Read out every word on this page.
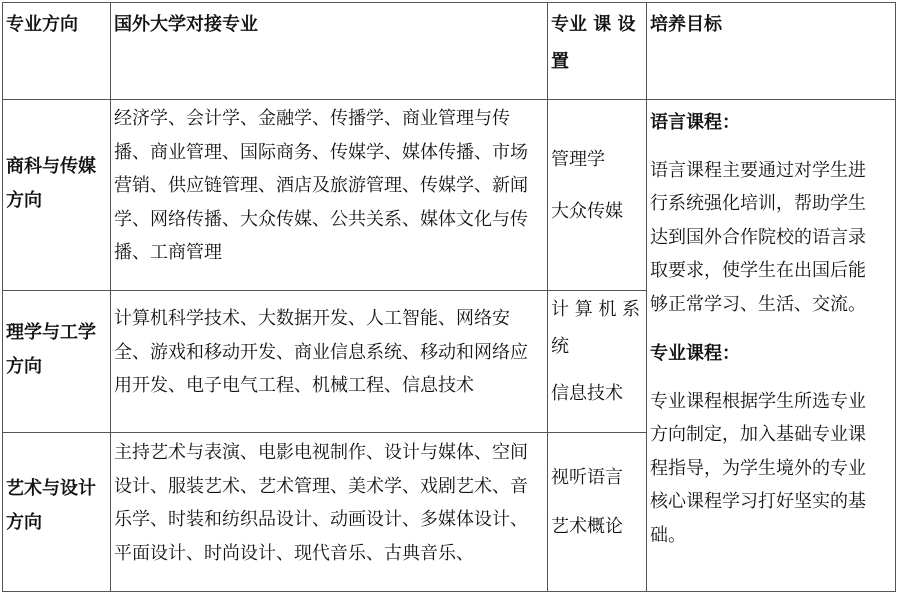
专业方向 国外大学对接专业	专业 课 设
置
培养目标
商科与传媒
方向
经济学、会计学、金融学、传播学、商业管理与传
播、商业管理、国际商务、传媒学、媒体传播、市场
营销、供应链管理、酒店及旅游管理、传媒学、新闻
学、网络传播、大众传媒、公共关系、媒体文化与传
播、工商管理
管理学
大众传媒
理学与工学
方向
计算机科学技术、大数据开发、人工智能、网络安
全、游戏和移动开发、商业信息系统、移动和网络应
用开发、电子电气工程、机械工程、信息技术
计 算 机 系
统
信息技术
艺术与设计
方向
主持艺术与表演、电影电视制作、设计与媒体、空间
设计、服装艺术、艺术管理、美术学、戏剧艺术、音
乐学、时装和纺织品设计、动画设计、多媒体设计、
平面设计、时尚设计、现代音乐、古典音乐、
视听语言
艺术概论
语言课程：
语言课程主要通过对学生进
行系统强化培训，帮助学生
达到国外合作院校的语言录
取要求，使学生在出国后能
够正常学习、生活、交流。
专业课程：
专业课程根据学生所选专业
方向制定，加入基础专业课
程指导，为学生境外的专业
核心课程学习打好坚实的基
础。
